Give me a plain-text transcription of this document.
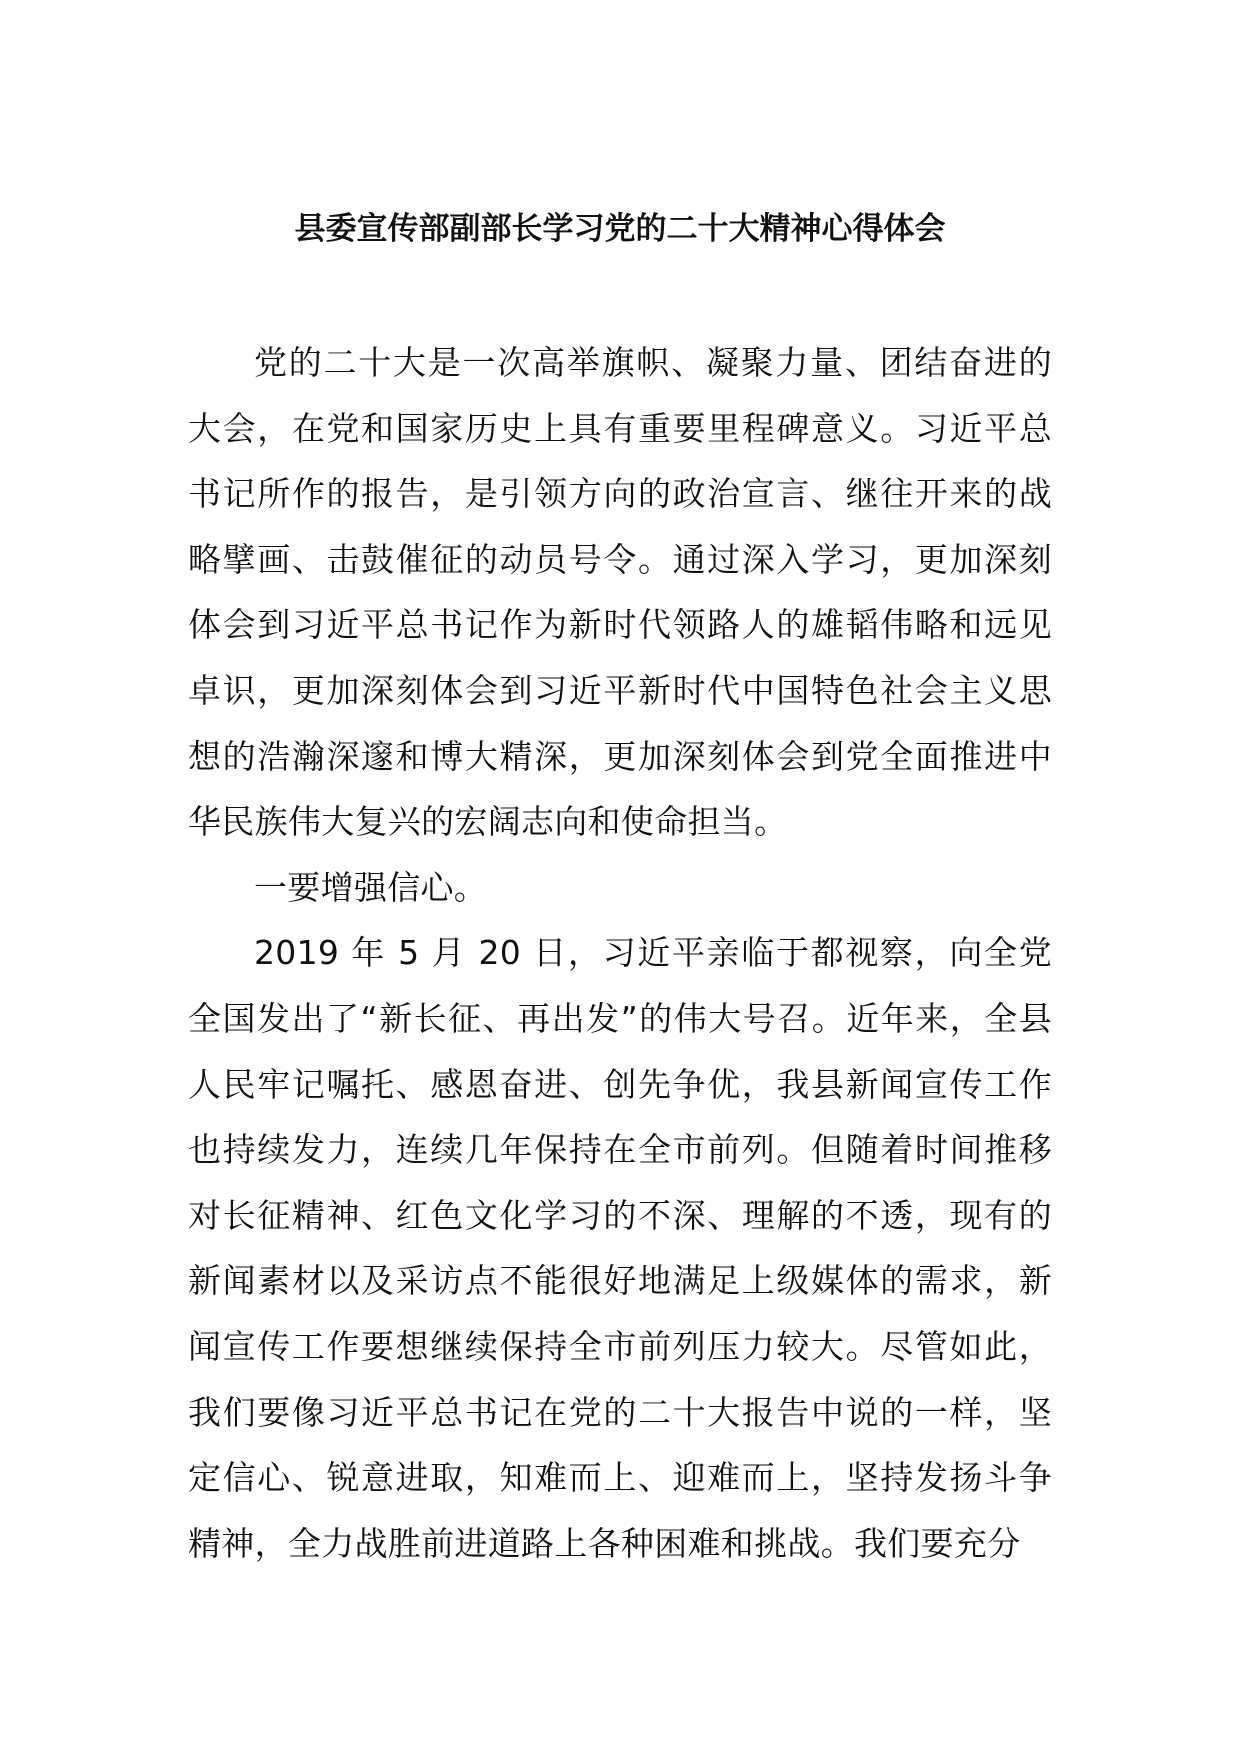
县委宣传部副部长学习党的二十大精神心得体会

党的二十大是一次高举旗帜、凝聚力量、团结奋进的大会，在党和国家历史上具有重要里程碑意义。习近平总书记所作的报告，是引领方向的政治宣言、继往开来的战略擘画、击鼓催征的动员号令。通过深入学习，更加深刻体会到习近平总书记作为新时代领路人的雄韬伟略和远见卓识，更加深刻体会到习近平新时代中国特色社会主义思想的浩瀚深邃和博大精深，更加深刻体会到党全面推进中华民族伟大复兴的宏阔志向和使命担当。

一要增强信心。

2019 年 5 月 20 日，习近平亲临于都视察，向全党全国发出了“新长征、再出发”的伟大号召。近年来，全县人民牢记嘱托、感恩奋进、创先争优，我县新闻宣传工作也持续发力，连续几年保持在全市前列。但随着时间推移对长征精神、红色文化学习的不深、理解的不透，现有的新闻素材以及采访点不能很好地满足上级媒体的需求，新闻宣传工作要想继续保持全市前列压力较大。尽管如此，我们要像习近平总书记在党的二十大报告中说的一样，坚定信心、锐意进取，知难而上、迎难而上，坚持发扬斗争精神，全力战胜前进道路上各种困难和挑战。我们要充分
